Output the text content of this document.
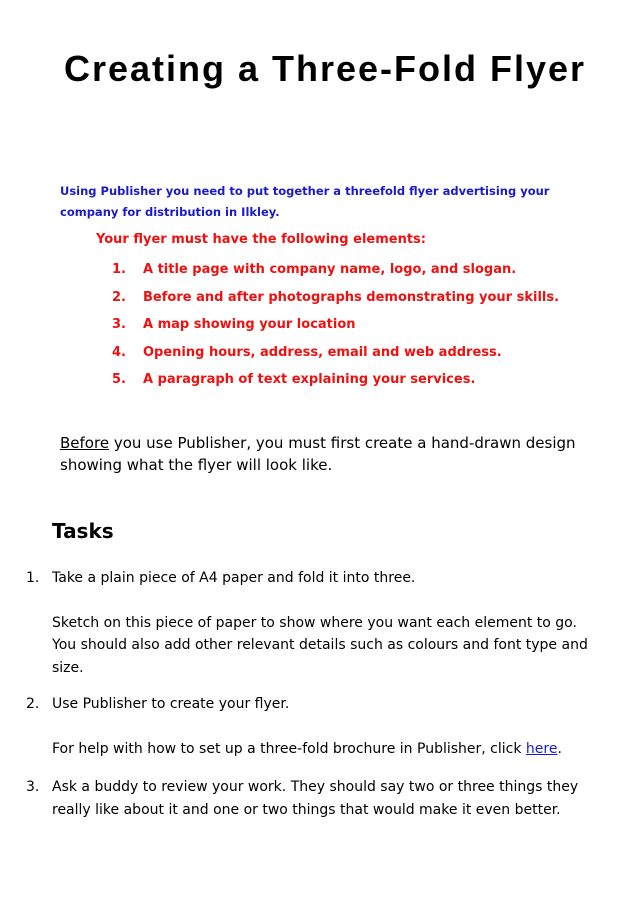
Creating a Three-Fold Flyer

Using Publisher you need to put together a threefold flyer advertising your company for distribution in Ilkley.

Your flyer must have the following elements:

1. A title page with company name, logo, and slogan.
2. Before and after photographs demonstrating your skills.
3. A map showing your location
4. Opening hours, address, email and web address.
5. A paragraph of text explaining your services.

Before you use Publisher, you must first create a hand-drawn design showing what the flyer will look like.

Tasks
1. Take a plain piece of A4 paper and fold it into three.

Sketch on this piece of paper to show where you want each element to go. You should also add other relevant details such as colours and font type and size.

2. Use Publisher to create your flyer.

For help with how to set up a three-fold brochure in Publisher, click here.

3. Ask a buddy to review your work. They should say two or three things they really like about it and one or two things that would make it even better.
